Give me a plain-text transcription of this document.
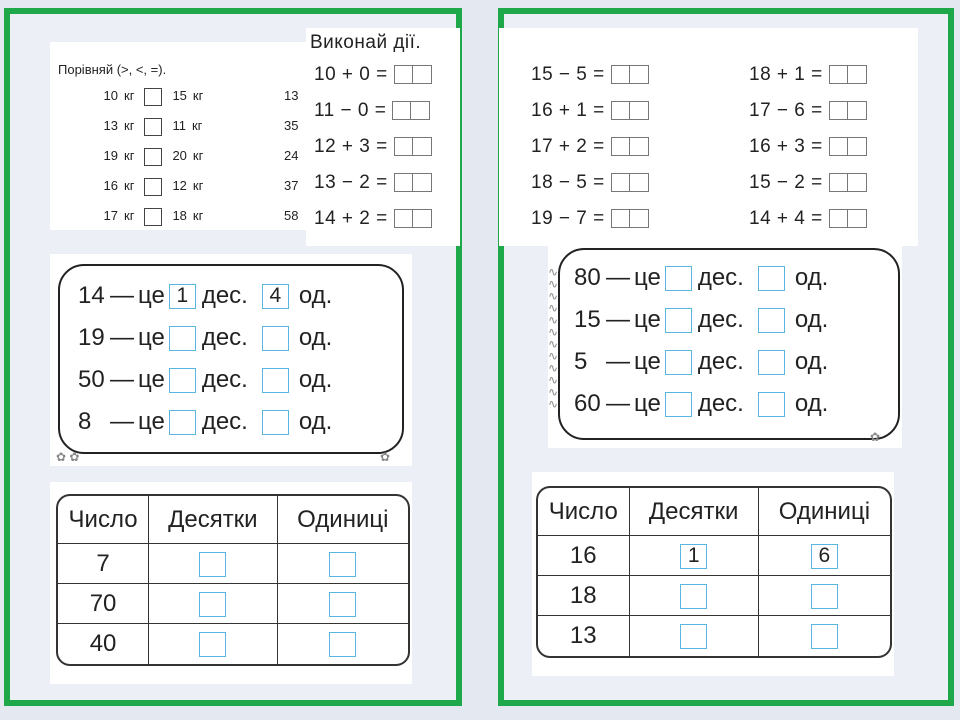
Порівняй (>, <, =).
10 кг	15 кг	13
13 кг	11 кг	35
19 кг	20 кг	24
16 кг	12 кг	37
17 кг	18 кг	58
Виконай дії.
10 + 0 =
11 − 0 =
12 + 3 =
13 − 2 =
14 + 2 =
15 − 5 =
16 + 1 =
17 + 2 =
18 − 5 =
19 − 7 =
18 + 1 =
17 − 6 =
16 + 3 =
15 − 2 =
14 + 4 =
✿ ✿	✿
14 — це 1 дес. 4 од.
19 — це дес. од.
50 — це дес. од.
8 — це дес. од.
∿
∿
∿
∿
∿
∿
∿
∿
∿
∿
∿
∿
✿
80 — це дес. од.
15 — це дес. од.
5 — це дес. од.
60 — це дес. од.
Число	Десятки	Одиниці
7		
70		
40		
Число	Десятки	Одиниці
16	1	6
18		
13		
